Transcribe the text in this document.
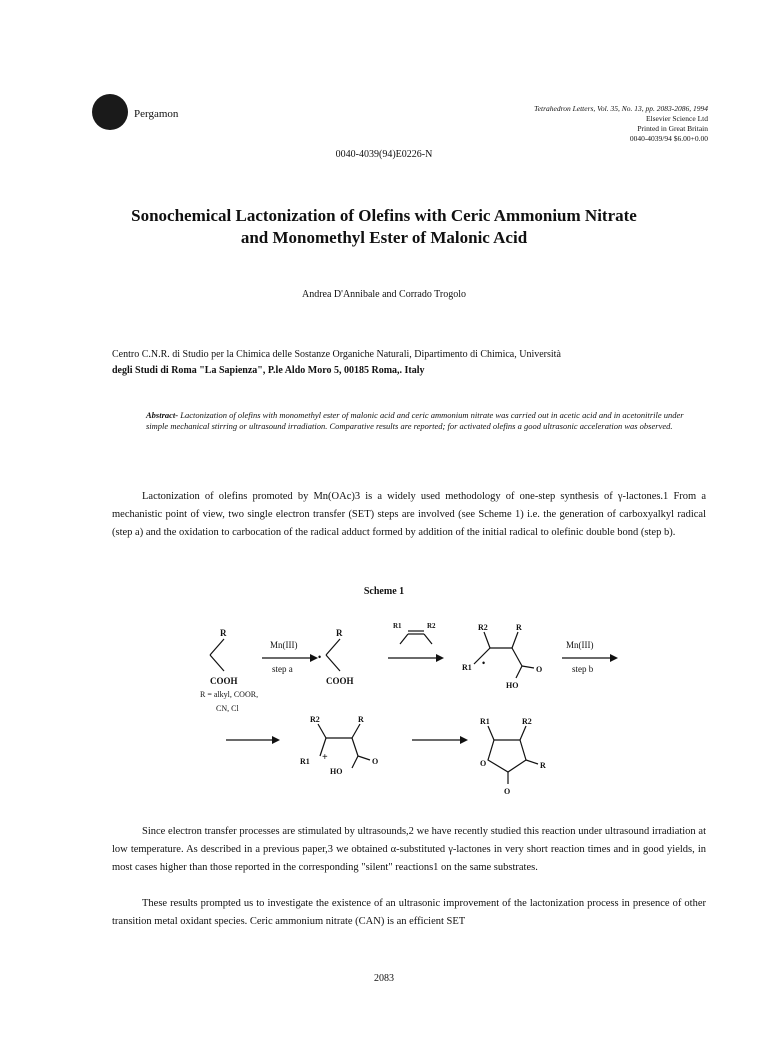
Pergamon	Tetrahedron Letters, Vol. 35, No. 13, pp. 2083-2086, 1994
Elsevier Science Ltd
Printed in Great Britain
0040-4039/94 $6.00+0.00
0040-4039(94)E0226-N
Sonochemical Lactonization of Olefins with Ceric Ammonium Nitrate
and Monomethyl Ester of Malonic Acid
Andrea D'Annibale and Corrado Trogolo
Centro C.N.R. di Studio per la Chimica delle Sostanze Organiche Naturali, Dipartimento di Chimica, Università
degli Studi di Roma "La Sapienza", P.le Aldo Moro 5, 00185 Roma,. Italy
Abstract- Lactonization of olefins with monomethyl ester of malonic acid and ceric ammonium nitrate was carried out in acetic acid and in acetonitrile under simple mechanical stirring or ultrasound irradiation. Comparative results are reported; for activated olefins a good ultrasonic acceleration was observed.
Lactonization of olefins promoted by Mn(OAc)3 is a widely used methodology of one-step synthesis of γ-lactones.1 From a mechanistic point of view, two single electron transfer (SET) steps are involved (see Scheme 1) i.e. the generation of carboxyalkyl radical (step a) and the oxidation to carbocation of the radical adduct formed by addition of the initial radical to olefinic double bond (step b).
Scheme 1
R
COOH
Mn(III)
step a
R
•
COOH
R1	R2	R2	R
R1 •
HO
O
Mn(III)
step b
R = alkyl, COOR,
CN, Cl
R2	R
R1 +
HO
O
R1	R2
O	R
O
Since electron transfer processes are stimulated by ultrasounds,2 we have recently studied this reaction under ultrasound irradiation at low temperature. As described in a previous paper,3 we obtained α-substituted γ-lactones in very short reaction times and in good yields, in most cases higher than those reported in the corresponding "silent" reactions1 on the same substrates.
These results prompted us to investigate the existence of an ultrasonic improvement of the lactonization process in presence of other transition metal oxidant species. Ceric ammonium nitrate (CAN) is an efficient SET
2083
